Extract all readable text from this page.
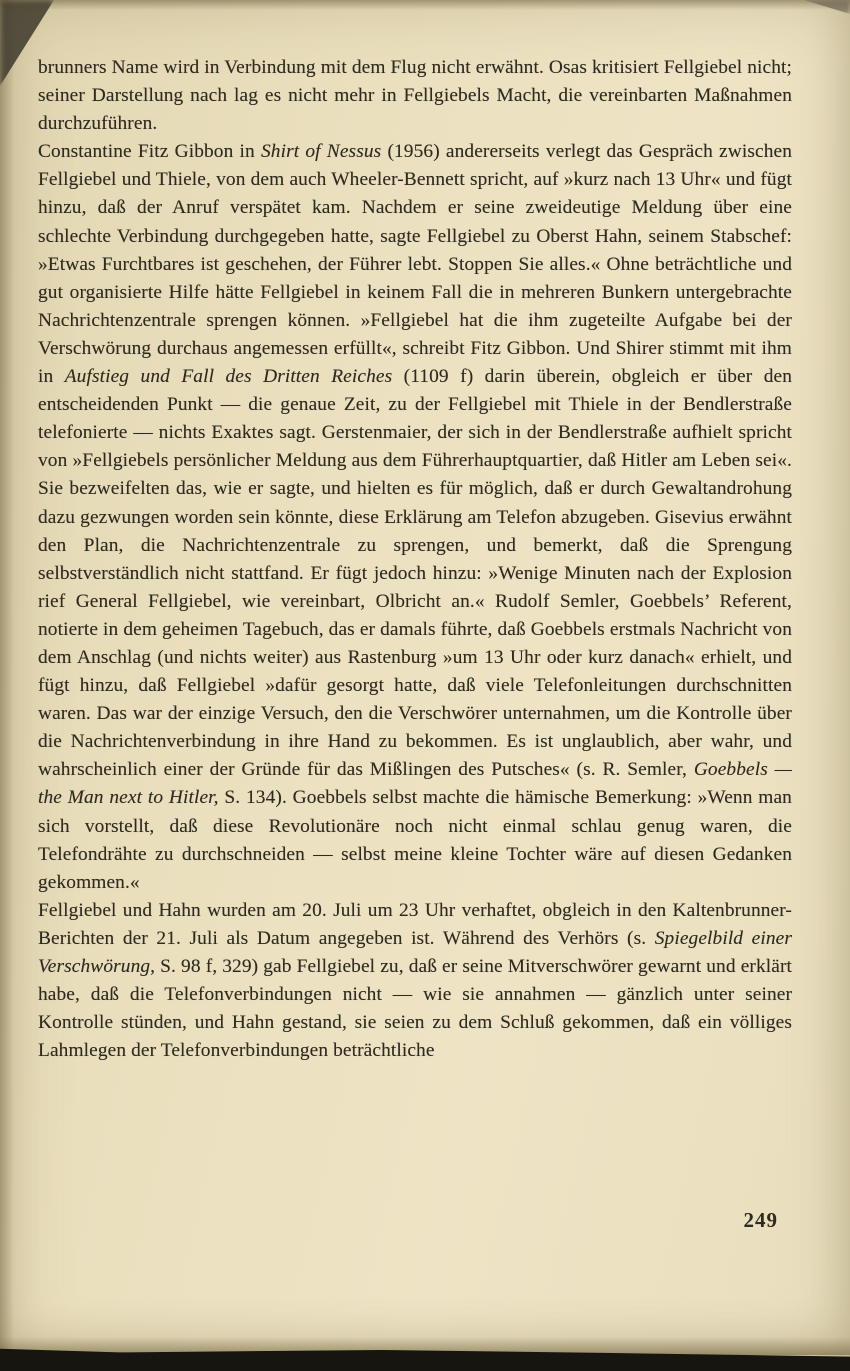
brunners Name wird in Verbindung mit dem Flug nicht erwähnt. Osas kritisiert Fellgiebel nicht; seiner Darstellung nach lag es nicht mehr in Fellgiebels Macht, die vereinbarten Maßnahmen durchzuführen.

Constantine Fitz Gibbon in Shirt of Nessus (1956) andererseits verlegt das Gespräch zwischen Fellgiebel und Thiele, von dem auch Wheeler-Bennett spricht, auf »kurz nach 13 Uhr« und fügt hinzu, daß der Anruf verspätet kam. Nachdem er seine zweideutige Meldung über eine schlechte Verbindung durchgegeben hatte, sagte Fellgiebel zu Oberst Hahn, seinem Stabschef: »Etwas Furchtbares ist geschehen, der Führer lebt. Stoppen Sie alles.« Ohne beträchtliche und gut organisierte Hilfe hätte Fellgiebel in keinem Fall die in mehreren Bunkern untergebrachte Nachrichtenzentrale sprengen können. »Fellgiebel hat die ihm zugeteilte Aufgabe bei der Verschwörung durchaus angemessen erfüllt«, schreibt Fitz Gibbon. Und Shirer stimmt mit ihm in Aufstieg und Fall des Dritten Reiches (1109 f) darin überein, obgleich er über den entscheidenden Punkt — die genaue Zeit, zu der Fellgiebel mit Thiele in der Bendlerstraße telefonierte — nichts Exaktes sagt. Gerstenmaier, der sich in der Bendlerstraße aufhielt spricht von »Fellgiebels persönlicher Meldung aus dem Führerhauptquartier, daß Hitler am Leben sei«. Sie bezweifelten das, wie er sagte, und hielten es für möglich, daß er durch Gewaltandrohung dazu gezwungen worden sein könnte, diese Erklärung am Telefon abzugeben. Gisevius erwähnt den Plan, die Nachrichtenzentrale zu sprengen, und bemerkt, daß die Sprengung selbstverständlich nicht stattfand. Er fügt jedoch hinzu: »Wenige Minuten nach der Explosion rief General Fellgiebel, wie vereinbart, Olbricht an.« Rudolf Semler, Goebbels’ Referent, notierte in dem geheimen Tagebuch, das er damals führte, daß Goebbels erstmals Nachricht von dem Anschlag (und nichts weiter) aus Rastenburg »um 13 Uhr oder kurz danach« erhielt, und fügt hinzu, daß Fellgiebel »dafür gesorgt hatte, daß viele Telefonleitungen durchschnitten waren. Das war der einzige Versuch, den die Verschwörer unternahmen, um die Kontrolle über die Nachrichtenverbindung in ihre Hand zu bekommen. Es ist unglaublich, aber wahr, und wahrscheinlich einer der Gründe für das Mißlingen des Putsches« (s. R. Semler, Goebbels — the Man next to Hitler, S. 134). Goebbels selbst machte die hämische Bemerkung: »Wenn man sich vorstellt, daß diese Revolutionäre noch nicht einmal schlau genug waren, die Telefondrähte zu durchschneiden — selbst meine kleine Tochter wäre auf diesen Gedanken gekommen.«

Fellgiebel und Hahn wurden am 20. Juli um 23 Uhr verhaftet, obgleich in den Kaltenbrunner-Berichten der 21. Juli als Datum angegeben ist. Während des Verhörs (s. Spiegelbild einer Verschwörung, S. 98 f, 329) gab Fellgiebel zu, daß er seine Mitverschwörer gewarnt und erklärt habe, daß die Telefonverbindungen nicht — wie sie annahmen — gänzlich unter seiner Kontrolle stünden, und Hahn gestand, sie seien zu dem Schluß gekommen, daß ein völliges Lahmlegen der Telefonverbindungen beträchtliche

249
